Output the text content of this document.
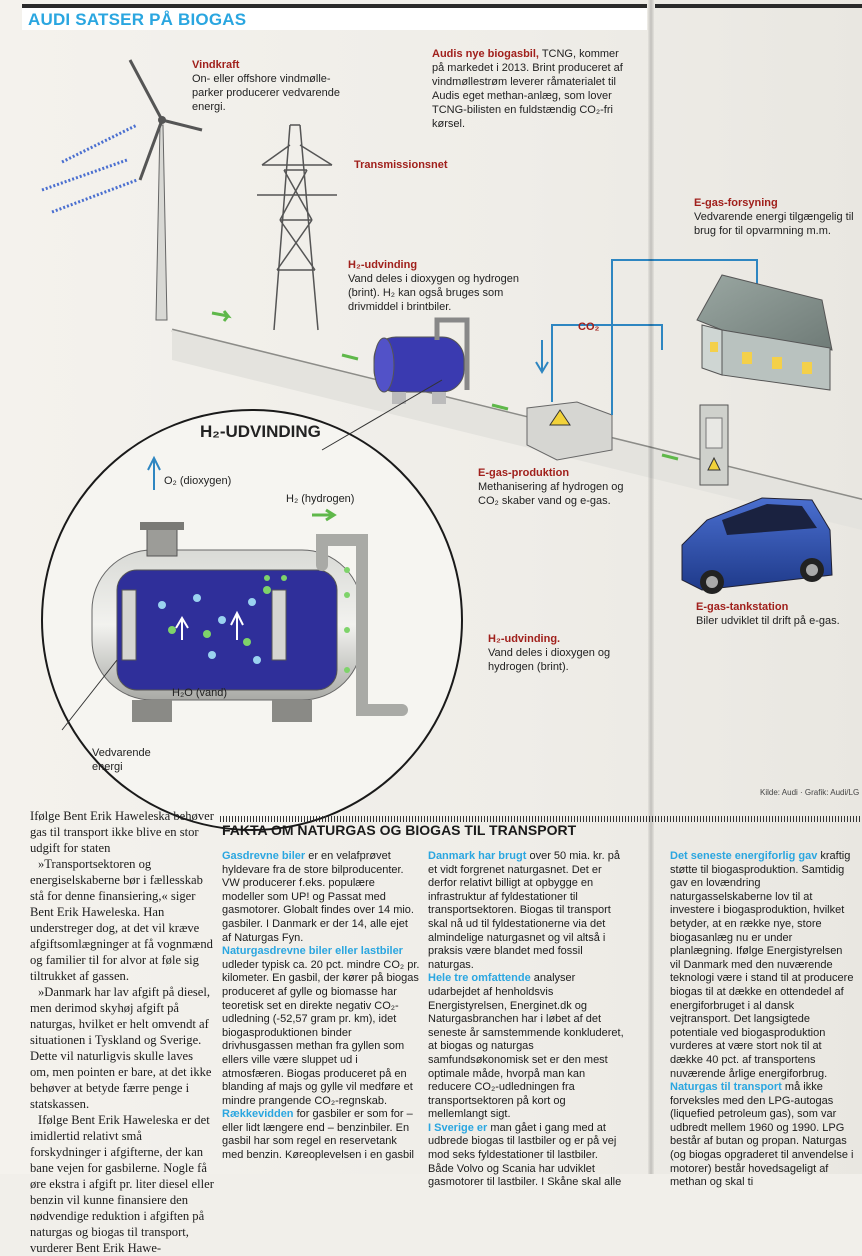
AUDI SATSER PÅ BIOGAS
Vindkraft
On- eller offshore vindmølle-parker producerer vedvarende energi.
Audis nye biogasbil, TCNG, kommer på markedet i 2013. Brint produceret af vindmøllestrøm leverer råmaterialet til Audis eget methan-anlæg, som lover TCNG-bilisten en fuldstændig CO₂-fri kørsel.
Transmissionsnet
H₂-udvinding
Vand deles i dioxygen og hydrogen (brint). H₂ kan også bruges som drivmiddel i brintbiler.
CO₂
E-gas-forsyning
Vedvarende energi tilgængelig til brug for til opvarmning m.m.
E-gas-produktion
Methanisering af hydrogen og CO₂ skaber vand og e-gas.
H₂-UDVINDING
O₂ (dioxygen)
H₂ (hydrogen)
H₂O (vand)
Vedvarende energi
H₂-udvinding.
Vand deles i dioxygen og hydrogen (brint).
E-gas-tankstation
Biler udviklet til drift på e-gas.
Kilde: Audi · Grafik: Audi/LG

Ifølge Bent Erik Haweleska behøver gas til transport ikke blive en stor udgift for staten

»Transportsektoren og energiselskaberne bør i fællesskab stå for denne finansiering,« siger Bent Erik Haweleska. Han understreger dog, at det vil kræve afgiftsomlægninger at få vognmænd og familier til for alvor at føle sig tiltrukket af gassen.

»Danmark har lav afgift på diesel, men derimod skyhøj afgift på naturgas, hvilket er helt omvendt af situationen i Tyskland og Sverige. Dette vil naturligvis skulle laves om, men pointen er bare, at det ikke behøver at betyde færre penge i statskassen.

Ifølge Bent Erik Haweleska er det imidlertid relativt små forskydninger i afgifterne, der kan bane vejen for gasbilerne. Nogle få øre ekstra i afgift pr. liter diesel eller benzin vil kunne finansiere den nødvendige reduktion i afgiften på naturgas og biogas til transport, vurderer Bent Erik Hawe-

FAKTA OM NATURGAS OG BIOGAS TIL TRANSPORT
Gasdrevne biler er en velafprøvet hyldevare fra de store bilproducenter. VW producerer f.eks. populære modeller som UP! og Passat med gasmotorer. Globalt findes over 14 mio. gasbiler. I Danmark er der 14, alle ejet af Naturgas Fyn.
Naturgasdrevne biler eller lastbiler udleder typisk ca. 20 pct. mindre CO₂ pr. kilometer. En gasbil, der kører på biogas produceret af gylle og biomasse har teoretisk set en direkte negativ CO₂-udledning (-52,57 gram pr. km), idet biogasproduktionen binder drivhusgassen methan fra gyllen som ellers ville være sluppet ud i atmosfæren. Biogas produceret på en blanding af majs og gylle vil medføre et mindre prangende CO₂-regnskab.
Rækkevidden for gasbiler er som for – eller lidt længere end – benzinbiler. En gasbil har som regel en reservetank med benzin. Køreoplevelsen i en gasbil
Danmark har brugt over 50 mia. kr. på et vidt forgrenet naturgasnet. Det er derfor relativt billigt at opbygge en infrastruktur af fyldestationer til transportsektoren. Biogas til transport skal nå ud til fyldestationerne via det almindelige naturgasnet og vil altså i praksis være blandet med fossil naturgas.
Hele tre omfattende analyser udarbejdet af henholdsvis Energistyrelsen, Energinet.dk og Naturgasbranchen har i løbet af det seneste år samstemmende konkluderet, at biogas og naturgas samfundsøkonomisk set er den mest optimale måde, hvorpå man kan reducere CO₂-udledningen fra transportsektoren på kort og mellemlangt sigt.
I Sverige er man gået i gang med at udbrede biogas til lastbiler og er på vej mod seks fyldestationer til lastbiler. Både Volvo og Scania har udviklet gasmotorer til lastbiler. I Skåne skal alle
Det seneste energiforlig gav kraftig støtte til biogasproduktion. Samtidig gav en lovændring naturgasselskaberne lov til at investere i biogasproduktion, hvilket betyder, at en række nye, store biogasanlæg nu er under planlægning. Ifølge Energistyrelsen vil Danmark med den nuværende teknologi være i stand til at producere biogas til at dække en ottendedel af energiforbruget i al dansk vejtransport. Det langsigtede potentiale ved biogasproduktion vurderes at være stort nok til at dække 40 pct. af transportens nuværende årlige energiforbrug.
Naturgas til transport må ikke forveksles med den LPG-autogas (liquefied petroleum gas), som var udbredt mellem 1960 og 1990. LPG består af butan og propan. Naturgas (og biogas opgraderet til anvendelse i motorer) består hovedsageligt af methan og skal ti
